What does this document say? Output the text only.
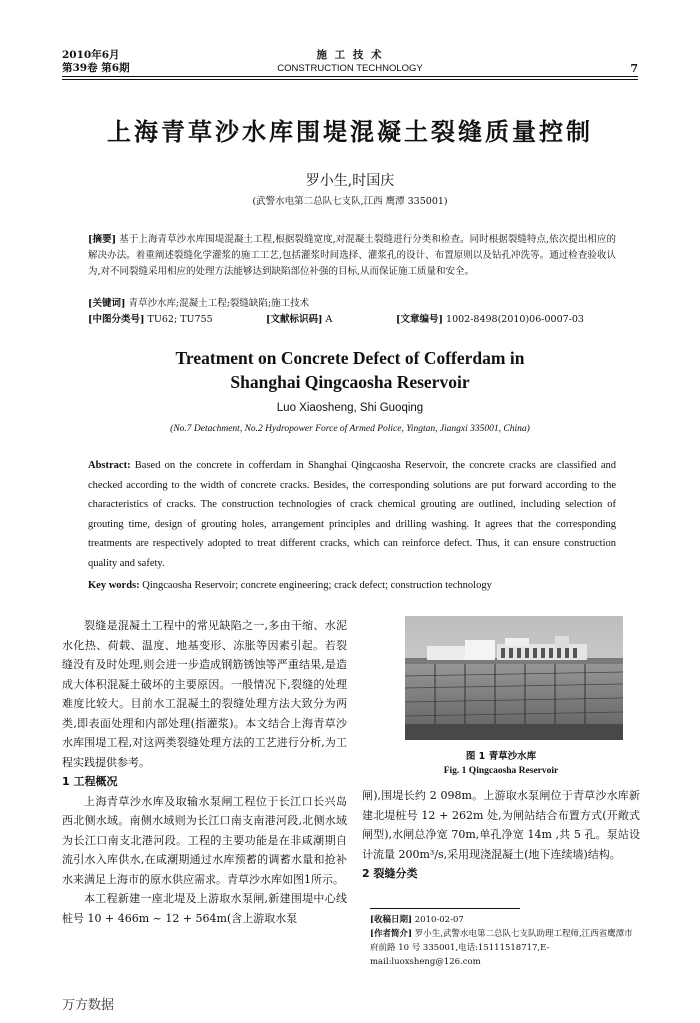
2010年6月
第39卷 第6期
施 工 技 术
CONSTRUCTION TECHNOLOGY	7
上海青草沙水库围堤混凝土裂缝质量控制
罗小生,时国庆
(武警水电第二总队七支队,江西 鹰潭 335001)
[摘要] 基于上海青草沙水库围堤混凝土工程,根据裂缝宽度,对混凝土裂缝进行分类和检查。同时根据裂缝特点,依次提出相应的解决办法。着重阐述裂缝化学灌浆的施工工艺,包括灌浆时间选择、灌浆孔的设计、布置原则以及钻孔冲洗等。通过检查验收认为,对不同裂缝采用相应的处理方法能够达到缺陷部位补强的目标,从而保证施工质量和安全。
[关键词] 青草沙水库;混凝土工程;裂缝缺陷;施工技术
[中图分类号] TU62; TU755	[文献标识码] A	[文章编号] 1002-8498(2010)06-0007-03
Treatment on Concrete Defect of Cofferdam in
Shanghai Qingcaosha Reservoir
Luo Xiaosheng, Shi Guoqing
(No.7 Detachment, No.2 Hydropower Force of Armed Police, Yingtan, Jiangxi 335001, China)
Abstract: Based on the concrete in cofferdam in Shanghai Qingcaosha Reservoir, the concrete cracks are classified and checked according to the width of concrete cracks. Besides, the corresponding solutions are put forward according to the characteristics of cracks. The construction technologies of crack chemical grouting are outlined, including selection of grouting time, design of grouting holes, arrangement principles and drilling washing. It agrees that the corresponding treatments are respectively adopted to treat different cracks, which can reinforce defect. Thus, it can ensure construction quality and safety.
Key words: Qingcaosha Reservoir; concrete engineering; crack defect; construction technology
裂缝是混凝土工程中的常见缺陷之一,多由干缩、水泥水化热、荷载、温度、地基变形、冻胀等因素引起。若裂缝没有及时处理,则会进一步造成钢筋锈蚀等严重结果,是造成大体积混凝土破坏的主要原因。一般情况下,裂缝的处理难度比较大。目前水工混凝土的裂缝处理方法大致分为两类,即表面处理和内部处理(指灌浆)。本文结合上海青草沙水库围堤工程,对这两类裂缝处理方法的工艺进行分析,为工程实践提供参考。
1 工程概况
上海青草沙水库及取输水泵闸工程位于长江口长兴岛西北侧水域。南侧水域则为长江口南支南港河段,北侧水域为长江口南支北港河段。工程的主要功能是在非咸潮期自流引水入库供水,在咸潮期通过水库预蓄的调蓄水量和抢补水来满足上海市的原水供应需求。青草沙水库如图1所示。
本工程新建一座北堤及上游取水泵闸,新建围堤中心线桩号 10 + 466m ~ 12 + 564m(含上游取水泵
图 1 青草沙水库
Fig. 1 Qingcaosha Reservoir
闸),围堤长约 2 098m。上游取水泵闸位于青草沙水库新建北堤桩号 12 + 262m 处,为闸站结合布置方式(开敞式闸型),水闸总净宽 70m,单孔净宽 14m ,共 5 孔。泵站设计流量 200m³/s,采用现浇混凝土(地下连续墙)结构。
2 裂缝分类
[收稿日期] 2010-02-07
[作者简介] 罗小生,武警水电第二总队七支队助理工程师,江西省鹰潭市府前路 10 号 335001,电话:15111518717,E-mail:luoxsheng@126.com
万方数据
